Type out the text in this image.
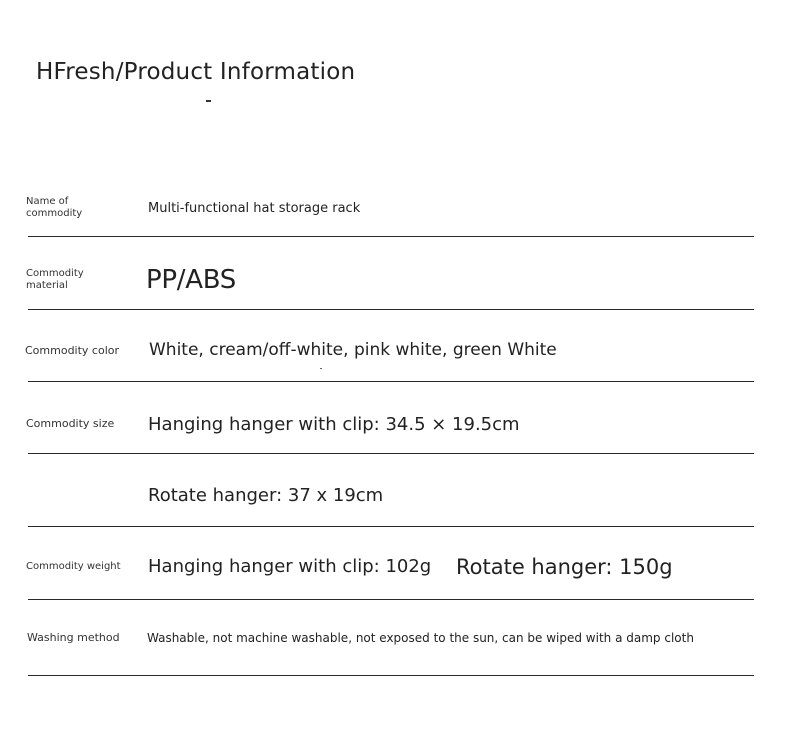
HFresh/Product Information
Name of
commodity	Multi-functional hat storage rack
Commodity
material	PP/ABS
Commodity color White, cream/off-white, pink white, green White
Commodity size Hanging hanger with clip: 34.5 × 19.5cm
Rotate hanger: 37 x 19cm
Commodity weight Hanging hanger with clip: 102g Rotate hanger: 150g
Washing method Washable, not machine washable, not exposed to the sun, can be wiped with a damp cloth
